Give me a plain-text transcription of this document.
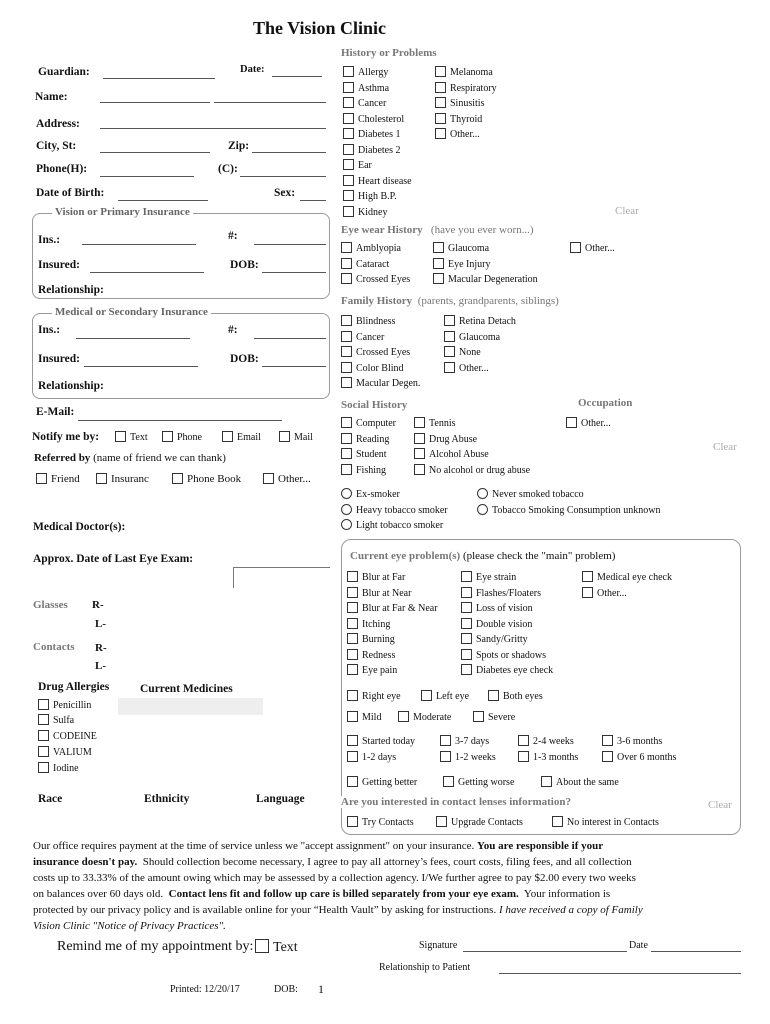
The Vision Clinic
Guardian:	Date:
Name:
Address:
City, St:	Zip:
Phone(H):	(C):
Date of Birth:	Sex:
Vision or Primary Insurance
Ins.:	#:
Insured:	DOB:
Relationship:
Medical or Secondary Insurance
Ins.:	#:
Insured:	DOB:
Relationship:
E-Mail:
Notify me by:	Text	Phone	Email	Mail
Referred by (name of friend we can thank)
Friend	Insuranc	Phone Book	Other...
Medical Doctor(s):
Approx. Date of Last Eye Exam:
Glasses R-
L-
Contacts R-
L-
Drug Allergies	Current Medicines
Penicillin
Sulfa
CODEINE
VALIUM
Iodine
Race	Ethnicity	Language
History or Problems
Allergy
Asthma
Cancer
Cholesterol
Diabetes 1
Diabetes 2
Ear
Heart disease
High B.P.
Kidney
Melanoma
Respiratory
Sinusitis
Thyroid
Other...
Clear
Eye wear History (have you ever worn...)
Amblyopia
Cataract
Crossed Eyes
Glaucoma
Eye Injury
Macular Degeneration
Other...
Family History (parents, grandparents, siblings)
Blindness
Cancer
Crossed Eyes
Color Blind
Macular Degen.
Retina Detach
Glaucoma
None
Other...
Social History	Occupation
Computer
Reading
Student
Fishing
Tennis
Drug Abuse
Alcohol Abuse
No alcohol or drug abuse
Other...
Clear
Ex-smoker	Never smoked tobacco
Heavy tobacco smoker	Tobacco Smoking Consumption unknown
Light tobacco smoker
Current eye problem(s) (please check the "main" problem)
Blur at Far
Blur at Near
Blur at Far & Near
Itching
Burning
Redness
Eye pain
Eye strain
Flashes/Floaters
Loss of vision
Double vision
Sandy/Gritty
Spots or shadows
Diabetes eye check
Medical eye check
Other...
Right eye	Left eye	Both eyes
Mild	Moderate	Severe
Started today	3-7 days	2-4 weeks	3-6 months
1-2 days	1-2 weeks	1-3 months	Over 6 months
Getting better	Getting worse	About the same
Are you interested in contact lenses information?	Clear
Try Contacts	Upgrade Contacts	No interest in Contacts
Our office requires payment at the time of service unless we "accept assignment" on your insurance. You are responsible if your
insurance doesn't pay. Should collection become necessary, I agree to pay all attorney’s fees, court costs, filing fees, and all collection
costs up to 33.33% of the amount owing which may be assessed by a collection agency. I/We further agree to pay $2.00 every two weeks
on balances over 60 days old. Contact lens fit and follow up care is billed separately from your eye exam. Your information is
protected by our privacy policy and is available online for your “Health Vault” by asking for instructions. I have received a copy of Family
Vision Clinic "Notice of Privacy Practices".
Remind me of my appointment by:	Text	Signature	Date
Relationship to Patient
Printed: 12/20/17	DOB: 1
